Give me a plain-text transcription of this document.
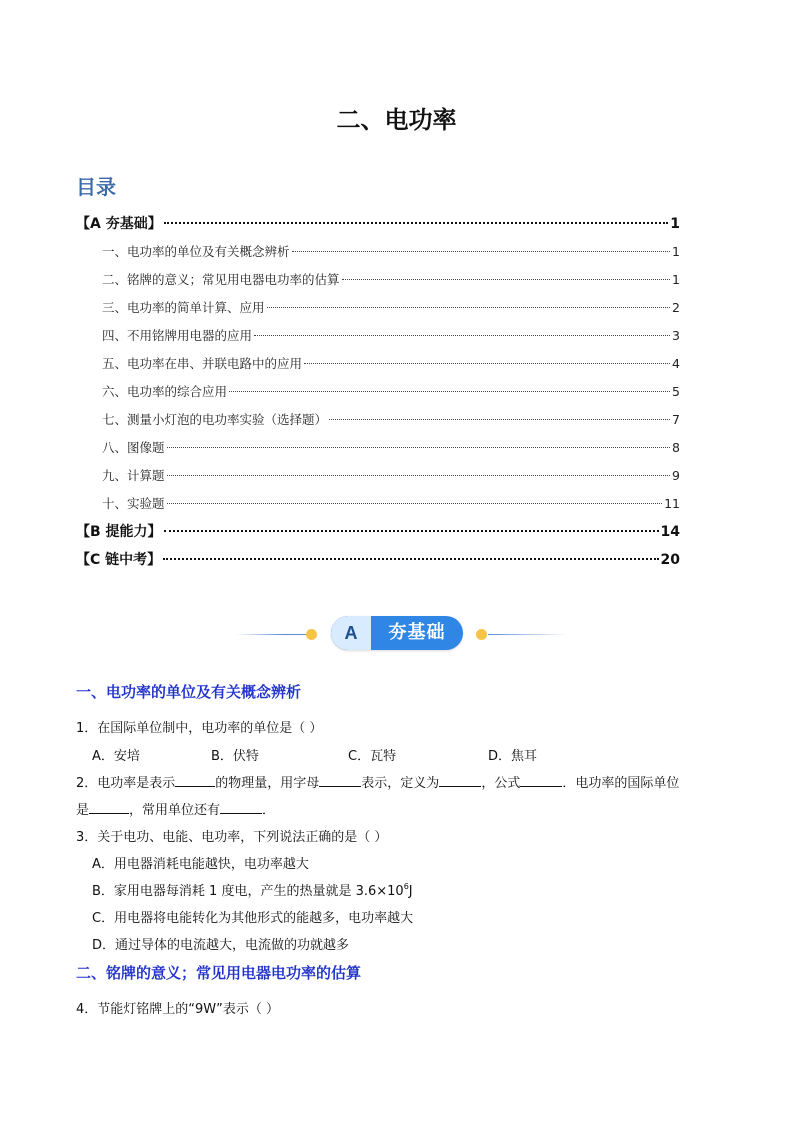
二、电功率
目录
【A 夯基础】	1
一、电功率的单位及有关概念辨析	1
二、铭牌的意义；常见用电器电功率的估算	1
三、电功率的简单计算、应用	2
四、不用铭牌用电器的应用	3
五、电功率在串、并联电路中的应用	4
六、电功率的综合应用	5
七、测量小灯泡的电功率实验（选择题）	7
八、图像题	8
九、计算题	9
十、实验题	11
【B 提能力】	14
【C 链中考】	20
A	夯基础
一、电功率的单位及有关概念辨析
1．在国际单位制中，电功率的单位是（ ）
A．安培	B．伏特	C．瓦特	D．焦耳
2．电功率是表示	的物理量，用字母	表示，定义为	，公式	．电功率的国际单位
是	，常用单位还有	．
3．关于电功、电能、电功率，下列说法正确的是（ ）
A．用电器消耗电能越快，电功率越大
B．家用电器每消耗 1 度电，产生的热量就是 $3.6\times 10^6J$
C．用电器将电能转化为其他形式的能越多，电功率越大
D．通过导体的电流越大，电流做的功就越多
二、铭牌的意义；常见用电器电功率的估算
4．节能灯铭牌上的“9W”表示（ ）
